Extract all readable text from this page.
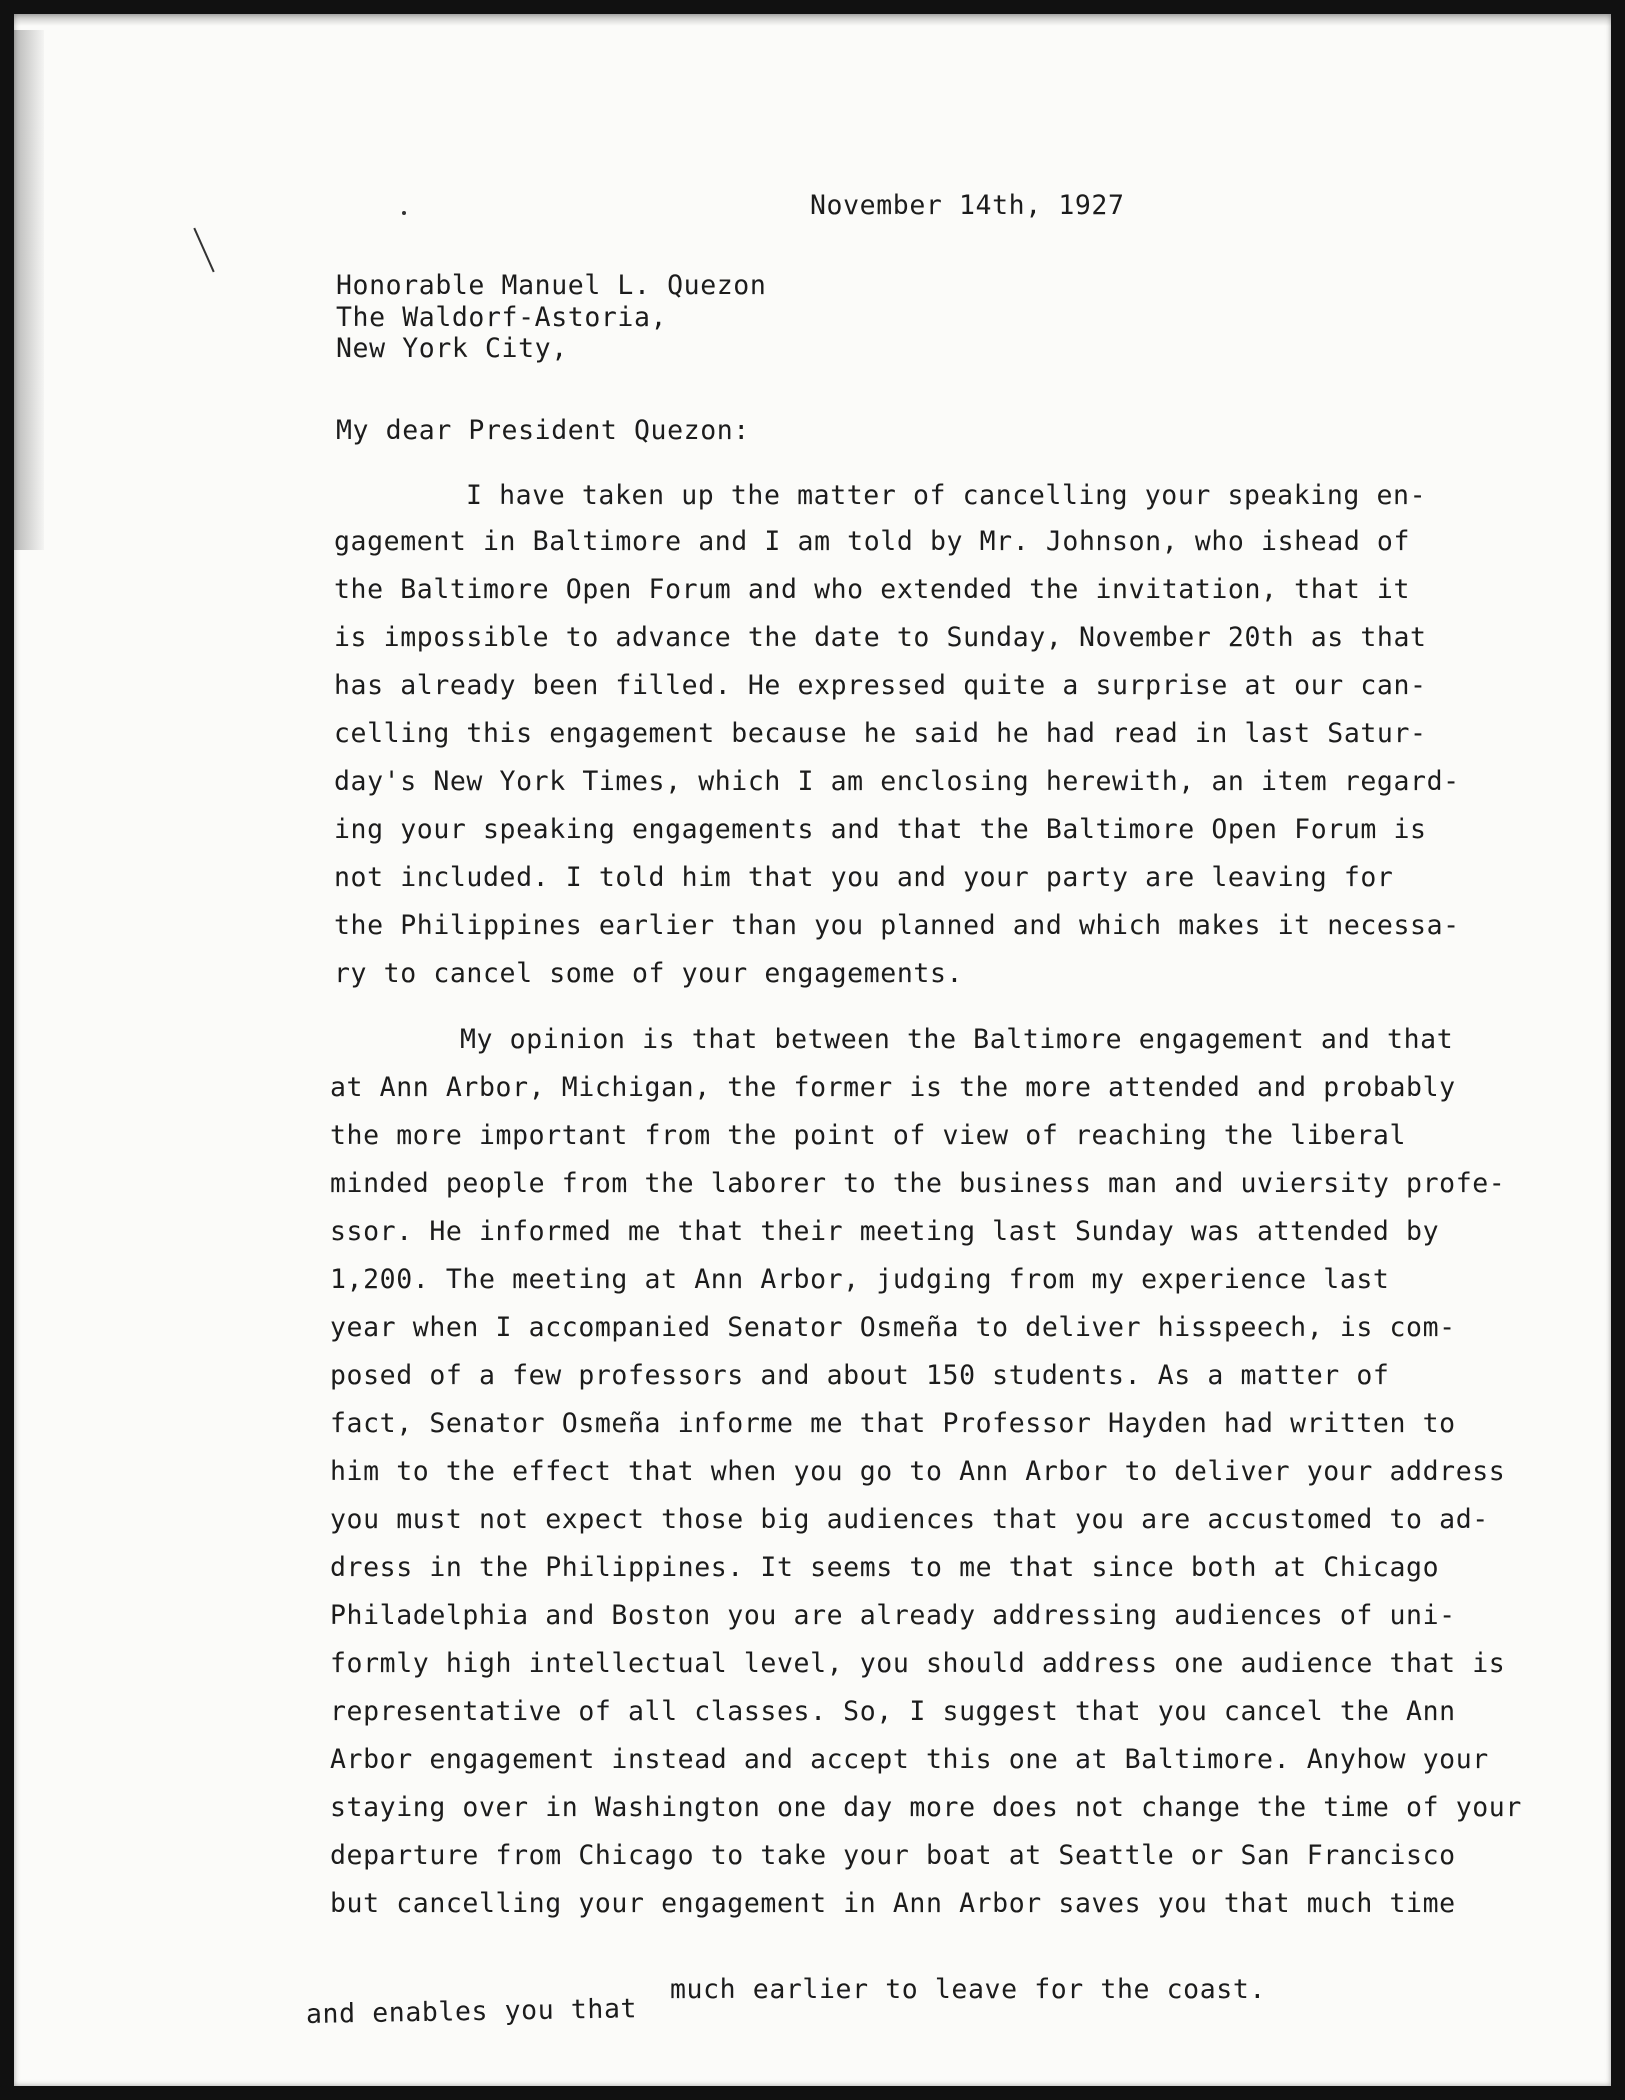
November 14th, 1927
Honorable Manuel L. Quezon
The Waldorf-Astoria,
New York City,
My dear President Quezon:
I have taken up the matter of cancelling your speaking en-
gagement in Baltimore and I am told by Mr. Johnson, who ishead of
the Baltimore Open Forum and who extended the invitation, that it
is impossible to advance the date to Sunday, November 20th as that
has already been filled. He expressed quite a surprise at our can-
celling this engagement because he said he had read in last Satur-
day's New York Times, which I am enclosing herewith, an item regard-
ing your speaking engagements and that the Baltimore Open Forum is
not included. I told him that you and your party are leaving for
the Philippines earlier than you planned and which makes it necessa-
ry to cancel some of your engagements.
My opinion is that between the Baltimore engagement and that
at Ann Arbor, Michigan, the former is the more attended and probably
the more important from the point of view of reaching the liberal
minded people from the laborer to the business man and uviersity profe-
ssor. He informed me that their meeting last Sunday was attended by
1,200. The meeting at Ann Arbor, judging from my experience last
year when I accompanied Senator Osmeña to deliver hisspeech, is com-
posed of a few professors and about 150 students. As a matter of
fact, Senator Osmeña informe me that Professor Hayden had written to
him to the effect that when you go to Ann Arbor to deliver your address
you must not expect those big audiences that you are accustomed to ad-
dress in the Philippines. It seems to me that since both at Chicago
Philadelphia and Boston you are already addressing audiences of uni-
formly high intellectual level, you should address one audience that is
representative of all classes. So, I suggest that you cancel the Ann
Arbor engagement instead and accept this one at Baltimore. Anyhow your
staying over in Washington one day more does not change the time of your
departure from Chicago to take your boat at Seattle or San Francisco
but cancelling your engagement in Ann Arbor saves you that much time
and enables you that
much earlier to leave for the coast.
